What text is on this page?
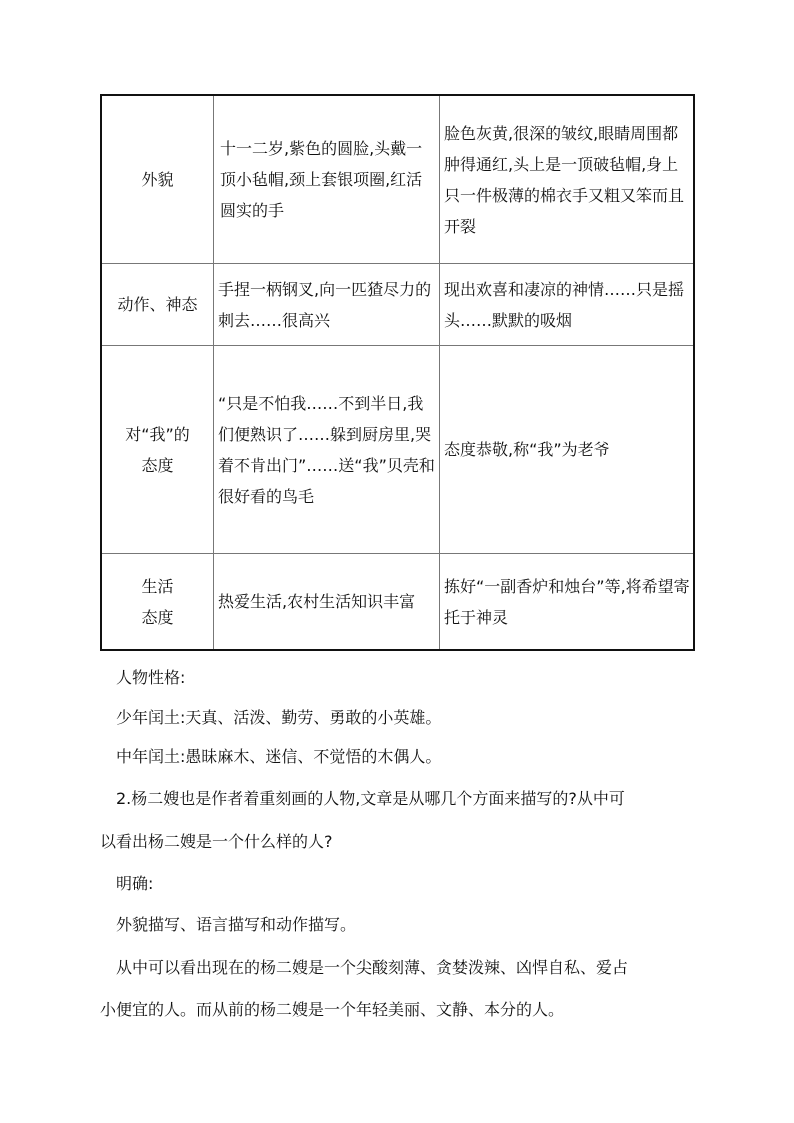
外貌	十一二岁,紫色的圆脸,头戴一顶小毡帽,颈上套银项圈,红活圆实的手	脸色灰黄,很深的皱纹,眼睛周围都肿得通红,头上是一顶破毡帽,身上只一件极薄的棉衣手又粗又笨而且开裂
动作、神态	手捏一柄钢叉,向一匹猹尽力的刺去……很高兴	现出欢喜和凄凉的神情……只是摇头……默默的吸烟
对“我”的态度	“只是不怕我……不到半日,我们便熟识了……躲到厨房里,哭着不肯出门”……送“我”贝壳和很好看的鸟毛	态度恭敬,称“我”为老爷
生活态度	热爱生活,农村生活知识丰富	拣好“一副香炉和烛台”等,将希望寄托于神灵

人物性格:

少年闰土:天真、活泼、勤劳、勇敢的小英雄。

中年闰土:愚昧麻木、迷信、不觉悟的木偶人。

2.杨二嫂也是作者着重刻画的人物,文章是从哪几个方面来描写的?从中可

以看出杨二嫂是一个什么样的人?

明确:

外貌描写、语言描写和动作描写。

从中可以看出现在的杨二嫂是一个尖酸刻薄、贪婪泼辣、凶悍自私、爱占

小便宜的人。而从前的杨二嫂是一个年轻美丽、文静、本分的人。
